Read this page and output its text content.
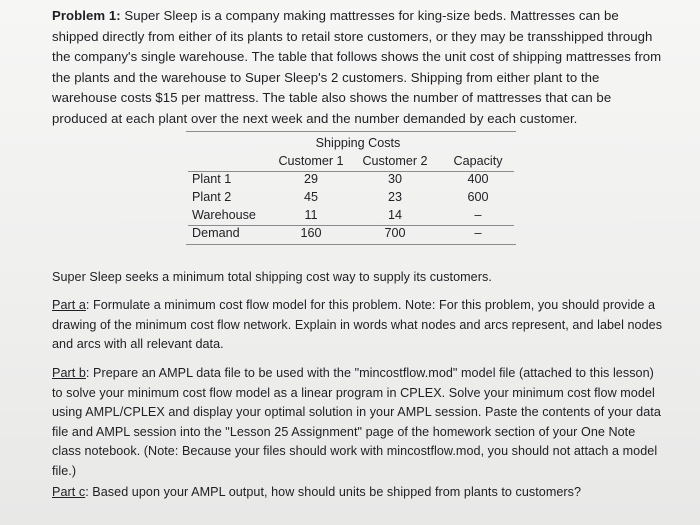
Problem 1: Super Sleep is a company making mattresses for king-size beds. Mattresses can be shipped directly from either of its plants to retail store customers, or they may be transshipped through the company's single warehouse. The table that follows shows the unit cost of shipping mattresses from the plants and the warehouse to Super Sleep's 2 customers. Shipping from either plant to the warehouse costs $15 per mattress. The table also shows the number of mattresses that can be produced at each plant over the next week and the number demanded by each customer.
	Shipping Costs		
	Customer 1	Customer 2	Capacity
Plant 1	29	30	400
Plant 2	45	23	600
Warehouse	11	14	–
Demand	160	700	–
Super Sleep seeks a minimum total shipping cost way to supply its customers.
Part a: Formulate a minimum cost flow model for this problem. Note: For this problem, you should provide a drawing of the minimum cost flow network. Explain in words what nodes and arcs represent, and label nodes and arcs with all relevant data.
Part b: Prepare an AMPL data file to be used with the "mincostflow.mod" model file (attached to this lesson) to solve your minimum cost flow model as a linear program in CPLEX. Solve your minimum cost flow model using AMPL/CPLEX and display your optimal solution in your AMPL session. Paste the contents of your data file and AMPL session into the "Lesson 25 Assignment" page of the homework section of your One Note class notebook. (Note: Because your files should work with mincostflow.mod, you should not attach a model file.)
Part c: Based upon your AMPL output, how should units be shipped from plants to customers?
